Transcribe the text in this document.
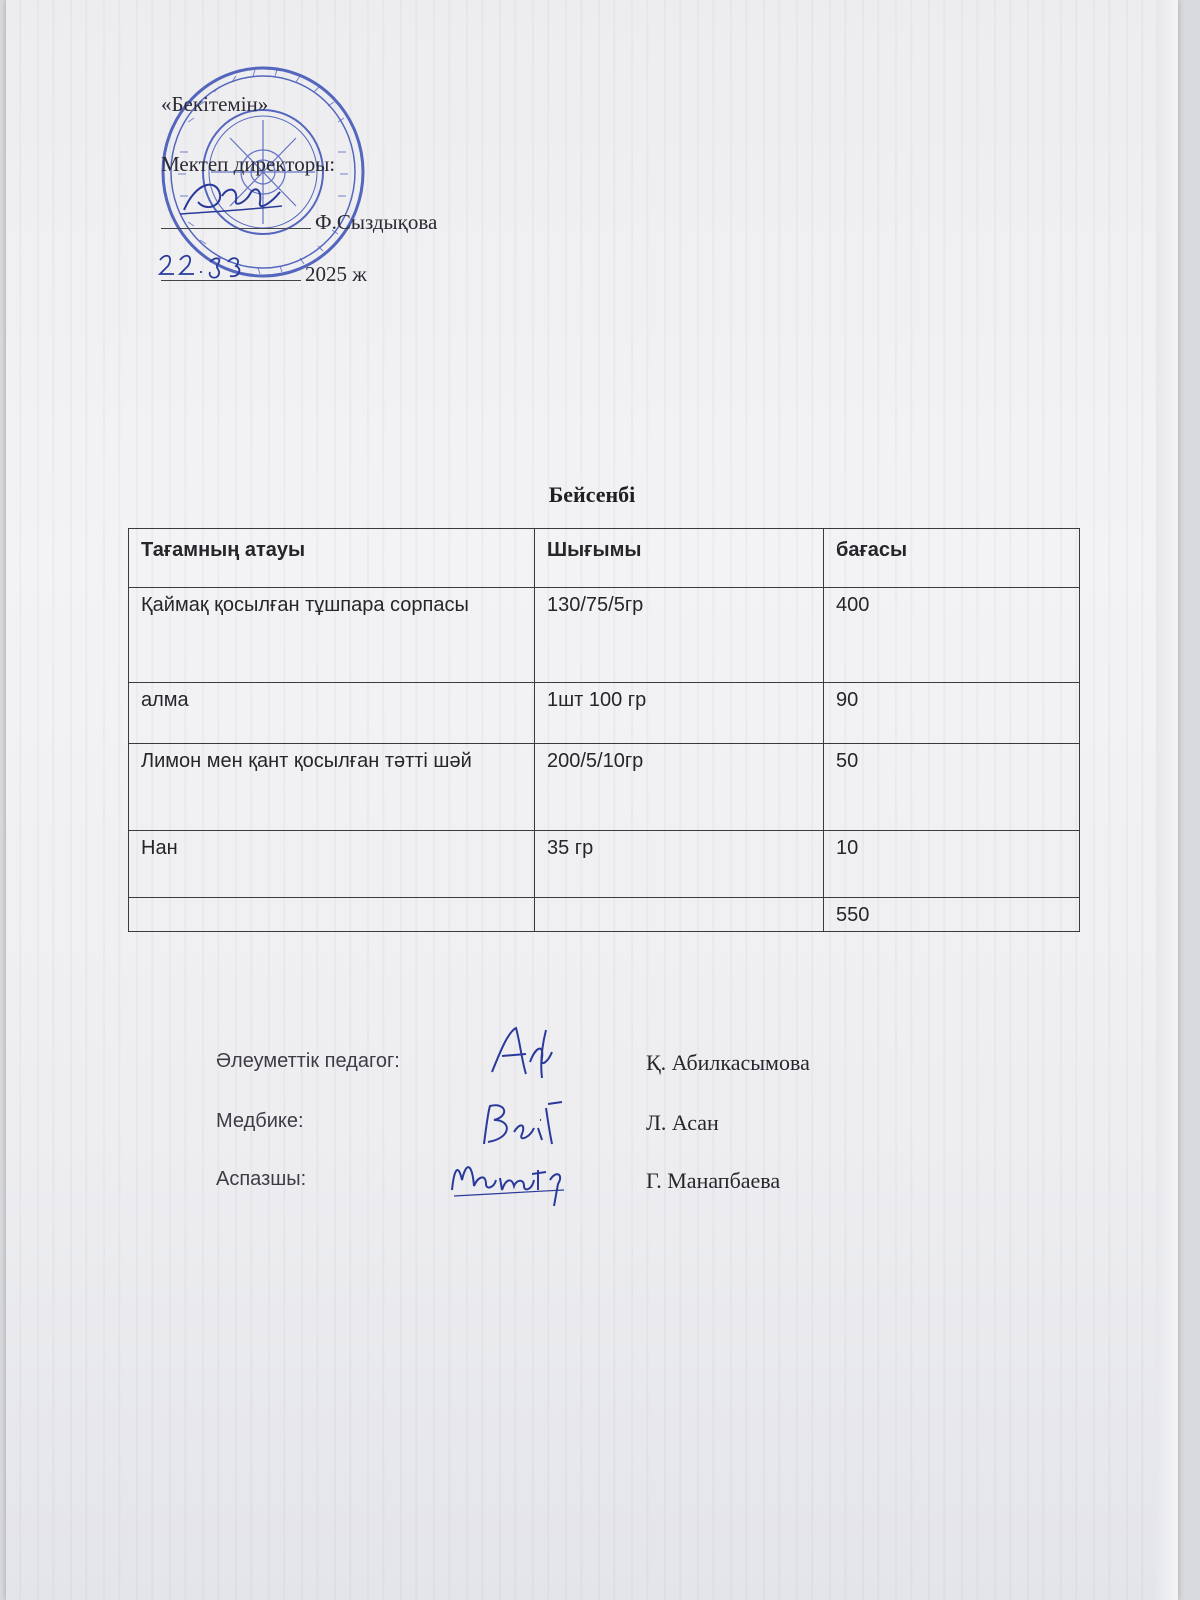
«Бекітемін»
Мектеп директоры:
Ф.Сыздықова
2025 ж
Бейсенбі
Тағамның атауы	Шығымы	бағасы
Қаймақ қосылған тұшпара сорпасы	130/75/5гр	400
алма	1шт 100 гр	90
Лимон мен қант қосылған тәтті шәй	200/5/10гр	50
Нан	35 гр	10
		550
Әлеуметтік педагог:	Қ. Абилкасымова
Медбике:	Л. Асан
Аспазшы:	Г. Манапбаева
